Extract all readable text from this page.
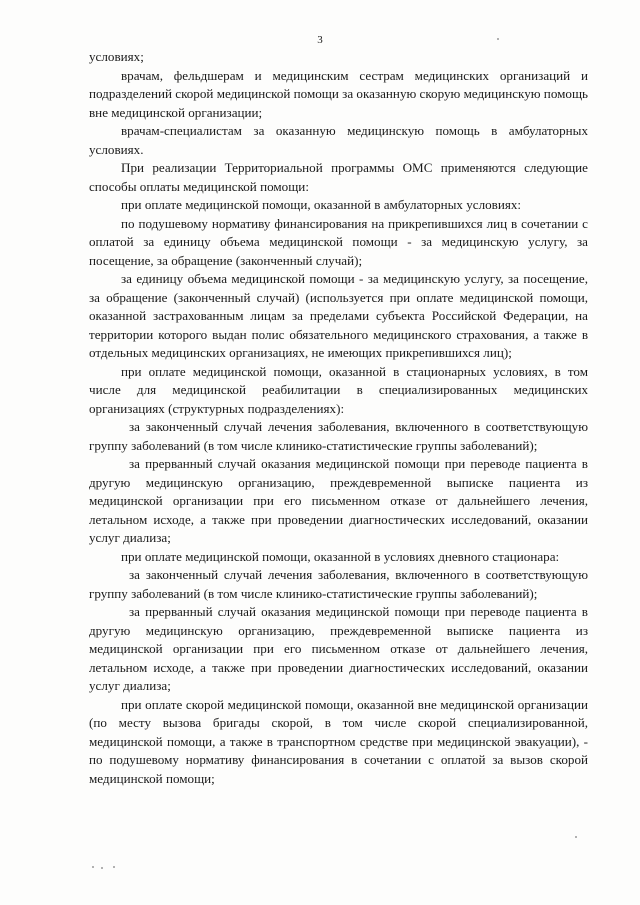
3

условиях;

врачам, фельдшерам и медицинским сестрам медицинских организаций и подразделений скорой медицинской помощи за оказанную скорую медицинскую помощь вне медицинской организации;

врачам-специалистам за оказанную медицинскую помощь в амбулаторных условиях.

При реализации Территориальной программы ОМС применяются следующие способы оплаты медицинской помощи:

при оплате медицинской помощи, оказанной в амбулаторных условиях:

по подушевому нормативу финансирования на прикрепившихся лиц в сочетании с оплатой за единицу объема медицинской помощи - за медицинскую услугу, за посещение, за обращение (законченный случай);

за единицу объема медицинской помощи - за медицинскую услугу, за посещение, за обращение (законченный случай) (используется при оплате медицинской помощи, оказанной застрахованным лицам за пределами субъекта Российской Федерации, на территории которого выдан полис обязательного медицинского страхования, а также в отдельных медицинских организациях, не имеющих прикрепившихся лиц);

при оплате медицинской помощи, оказанной в стационарных условиях, в том числе для медицинской реабилитации в специализированных медицинских организациях (структурных подразделениях):

за законченный случай лечения заболевания, включенного в соответствующую группу заболеваний (в том числе клинико-статистические группы заболеваний);

за прерванный случай оказания медицинской помощи при переводе пациента в другую медицинскую организацию, преждевременной выписке пациента из медицинской организации при его письменном отказе от дальнейшего лечения, летальном исходе, а также при проведении диагностических исследований, оказании услуг диализа;

при оплате медицинской помощи, оказанной в условиях дневного стационара:

за законченный случай лечения заболевания, включенного в соответствующую группу заболеваний (в том числе клинико-статистические группы заболеваний);

за прерванный случай оказания медицинской помощи при переводе пациента в другую медицинскую организацию, преждевременной выписке пациента из медицинской организации при его письменном отказе от дальнейшего лечения, летальном исходе, а также при проведении диагностических исследований, оказании услуг диализа;

при оплате скорой медицинской помощи, оказанной вне медицинской организации (по месту вызова бригады скорой, в том числе скорой специализированной, медицинской помощи, а также в транспортном средстве при медицинской эвакуации), - по подушевому нормативу финансирования в сочетании с оплатой за вызов скорой медицинской помощи;
